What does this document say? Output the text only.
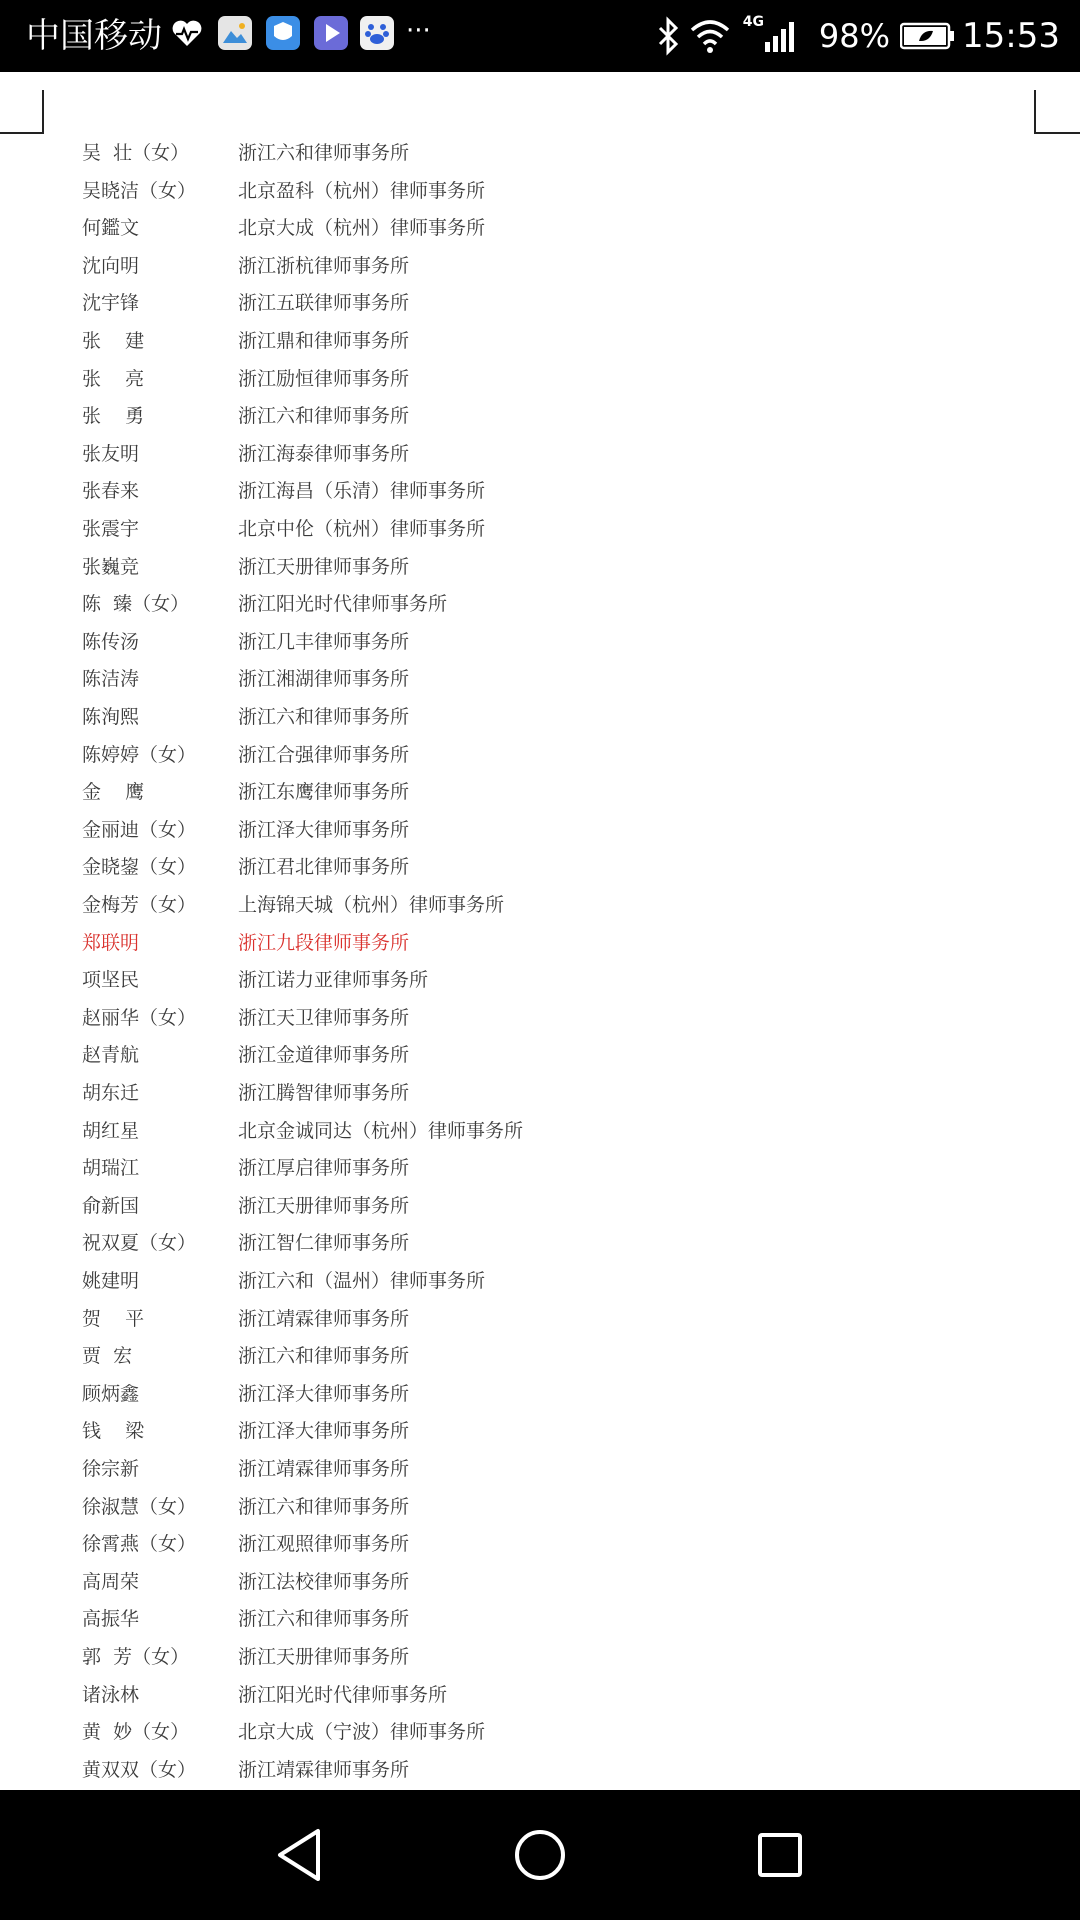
中国移动	···	4G 98% 15:53
吴  壮（女）	浙江六和律师事务所
吴晓洁（女） 北京盈科（杭州）律师事务所
何鑑文	北京大成（杭州）律师事务所
沈向明	浙江浙杭律师事务所
沈宇锋	浙江五联律师事务所
张    建	浙江鼎和律师事务所
张    亮	浙江励恒律师事务所
张    勇	浙江六和律师事务所
张友明	浙江海泰律师事务所
张春来	浙江海昌（乐清）律师事务所
张震宇	北京中伦（杭州）律师事务所
张巍竞	浙江天册律师事务所
陈  臻（女）	浙江阳光时代律师事务所
陈传汤	浙江几丰律师事务所
陈洁涛	浙江湘湖律师事务所
陈洵熙	浙江六和律师事务所
陈婷婷（女） 浙江合强律师事务所
金    鹰	浙江东鹰律师事务所
金丽迪（女） 浙江泽大律师事务所
金晓鋆（女） 浙江君北律师事务所
金梅芳（女） 上海锦天城（杭州）律师事务所
郑联明	浙江九段律师事务所
项坚民	浙江诺力亚律师事务所
赵丽华（女） 浙江天卫律师事务所
赵青航	浙江金道律师事务所
胡东迁	浙江腾智律师事务所
胡红星	北京金诚同达（杭州）律师事务所
胡瑞江	浙江厚启律师事务所
俞新国	浙江天册律师事务所
祝双夏（女） 浙江智仁律师事务所
姚建明	浙江六和（温州）律师事务所
贺    平	浙江靖霖律师事务所
贾  宏	浙江六和律师事务所
顾炳鑫	浙江泽大律师事务所
钱    梁	浙江泽大律师事务所
徐宗新	浙江靖霖律师事务所
徐淑慧（女） 浙江六和律师事务所
徐霄燕（女） 浙江观照律师事务所
高周荣	浙江法校律师事务所
高振华	浙江六和律师事务所
郭  芳（女）	浙江天册律师事务所
诸泳林	浙江阳光时代律师事务所
黄  妙（女）	北京大成（宁波）律师事务所
黄双双（女） 浙江靖霖律师事务所
